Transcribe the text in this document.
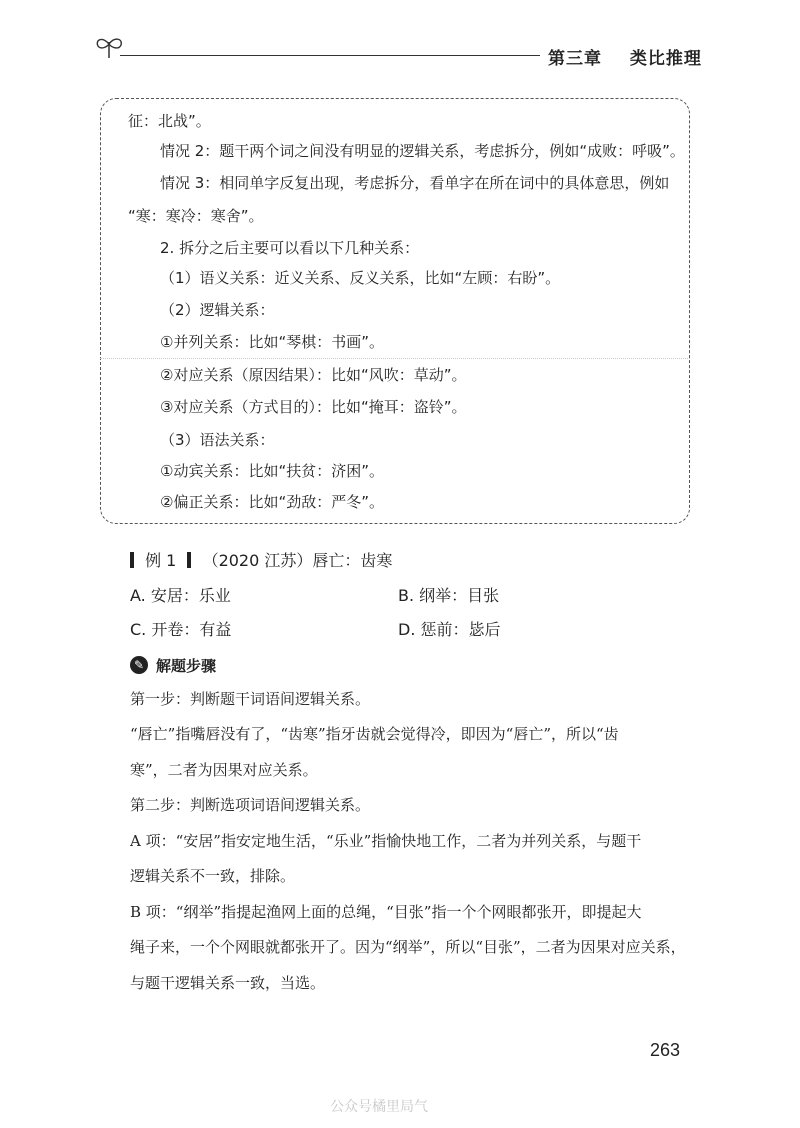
第三章 类比推理
征：北战”。
情况 2：题干两个词之间没有明显的逻辑关系，考虑拆分，例如“成败：呼吸”。
情况 3：相同单字反复出现，考虑拆分，看单字在所在词中的具体意思，例如
“寒：寒冷：寒舍”。
2. 拆分之后主要可以看以下几种关系：
（1）语义关系：近义关系、反义关系，比如“左顾：右盼”。
（2）逻辑关系：
①并列关系：比如“琴棋：书画”。
②对应关系（原因结果）：比如“风吹：草动”。
③对应关系（方式目的）：比如“掩耳：盗铃”。
（3）语法关系：
①动宾关系：比如“扶贫：济困”。
②偏正关系：比如“劲敌：严冬”。
例 1 （2020 江苏）唇亡：齿寒
A. 安居：乐业	B. 纲举：目张
C. 开卷：有益	D. 惩前：毖后
✎ 解题步骤
第一步：判断题干词语间逻辑关系。
“唇亡”指嘴唇没有了，“齿寒”指牙齿就会觉得冷，即因为“唇亡”，所以“齿
寒”，二者为因果对应关系。
第二步：判断选项词语间逻辑关系。
A 项：“安居”指安定地生活，“乐业”指愉快地工作，二者为并列关系，与题干
逻辑关系不一致，排除。
B 项：“纲举”指提起渔网上面的总绳，“目张”指一个个网眼都张开，即提起大
绳子来，一个个网眼就都张开了。因为“纲举”，所以“目张”，二者为因果对应关系，
与题干逻辑关系一致，当选。
263
公众号橘里局气
